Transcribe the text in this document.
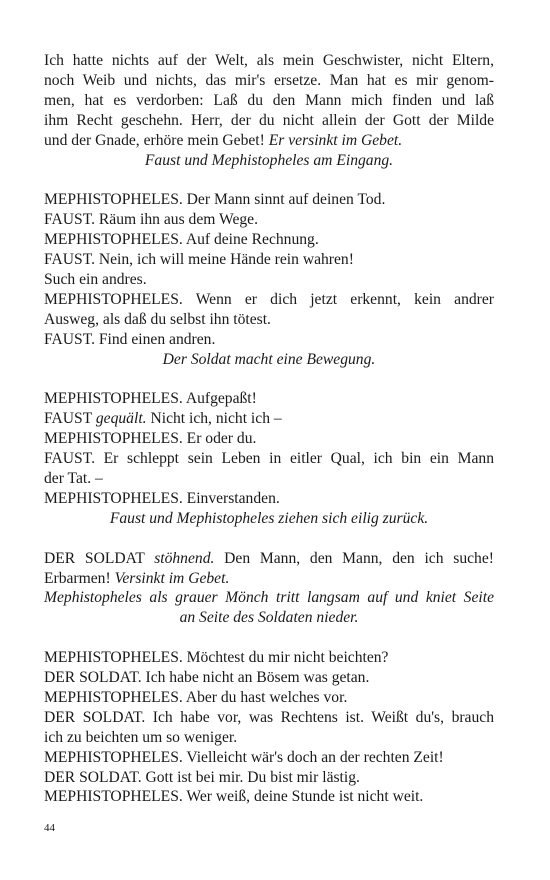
Ich hatte nichts auf der Welt, als mein Geschwister, nicht Eltern,

noch Weib und nichts, das mir's ersetze. Man hat es mir genom-

men, hat es verdorben: Laß du den Mann mich finden und laß

ihm Recht geschehn. Herr, der du nicht allein der Gott der Milde

und der Gnade, erhöre mein Gebet! Er versinkt im Gebet.

Faust und Mephistopheles am Eingang.

MEPHISTOPHELES. Der Mann sinnt auf deinen Tod.

FAUST. Räum ihn aus dem Wege.

MEPHISTOPHELES. Auf deine Rechnung.

FAUST. Nein, ich will meine Hände rein wahren!

Such ein andres.

MEPHISTOPHELES. Wenn er dich jetzt erkennt, kein andrer

Ausweg, als daß du selbst ihn tötest.

FAUST. Find einen andren.

Der Soldat macht eine Bewegung.

MEPHISTOPHELES. Aufgepaßt!

FAUST gequält. Nicht ich, nicht ich –

MEPHISTOPHELES. Er oder du.

FAUST. Er schleppt sein Leben in eitler Qual, ich bin ein Mann

der Tat. –

MEPHISTOPHELES. Einverstanden.

Faust und Mephistopheles ziehen sich eilig zurück.

DER SOLDAT stöhnend. Den Mann, den Mann, den ich suche!

Erbarmen! Versinkt im Gebet.

Mephistopheles als grauer Mönch tritt langsam auf und kniet Seite

an Seite des Soldaten nieder.

MEPHISTOPHELES. Möchtest du mir nicht beichten?

DER SOLDAT. Ich habe nicht an Bösem was getan.

MEPHISTOPHELES. Aber du hast welches vor.

DER SOLDAT. Ich habe vor, was Rechtens ist. Weißt du's, brauch

ich zu beichten um so weniger.

MEPHISTOPHELES. Vielleicht wär's doch an der rechten Zeit!

DER SOLDAT. Gott ist bei mir. Du bist mir lästig.

MEPHISTOPHELES. Wer weiß, deine Stunde ist nicht weit.

44
